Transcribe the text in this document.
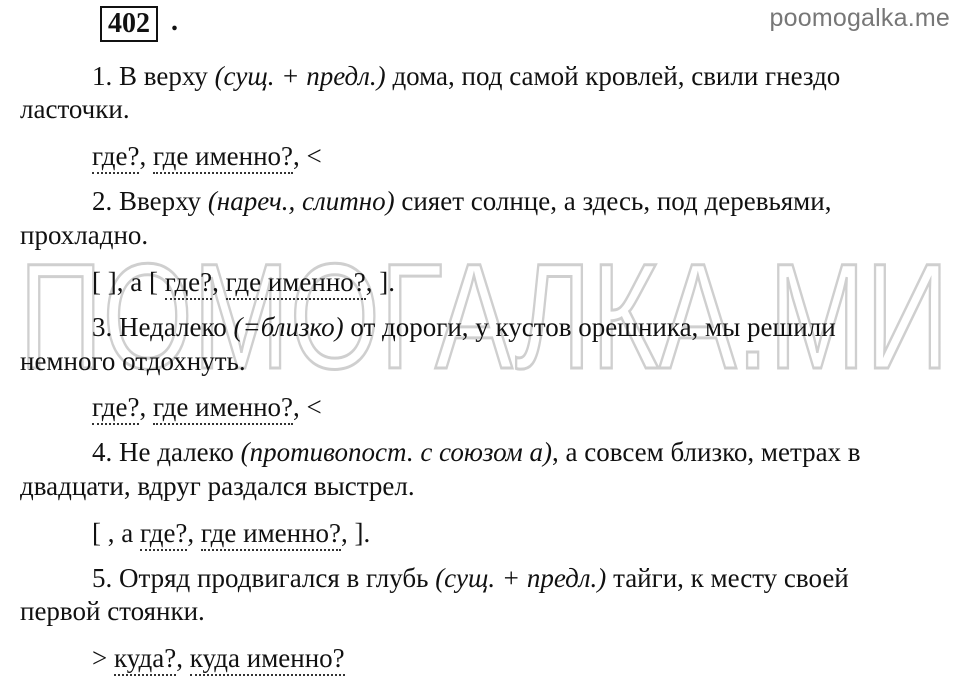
poomogalka.me
ПОМОГАЛКА.МИ
402 .
1. В верху (сущ. + предл.) дома, под самой кровлей, свили гнездо
ласточки.
где?, где именно?, <
2. Вверху (нареч., слитно) сияет солнце, а здесь, под деревьями,
прохладно.
[ ], а [ где?, где именно?, ].
3. Недалеко (=близко) от дороги, у кустов орешника, мы решили
немного отдохнуть.
где?, где именно?, <
4. Не далеко (противопост. с союзом а), а совсем близко, метрах в
двадцати, вдруг раздался выстрел.
[ , а где?, где именно?, ].
5. Отряд продвигался в глубь (сущ. + предл.) тайги, к месту своей
первой стоянки.
> куда?, куда именно?
